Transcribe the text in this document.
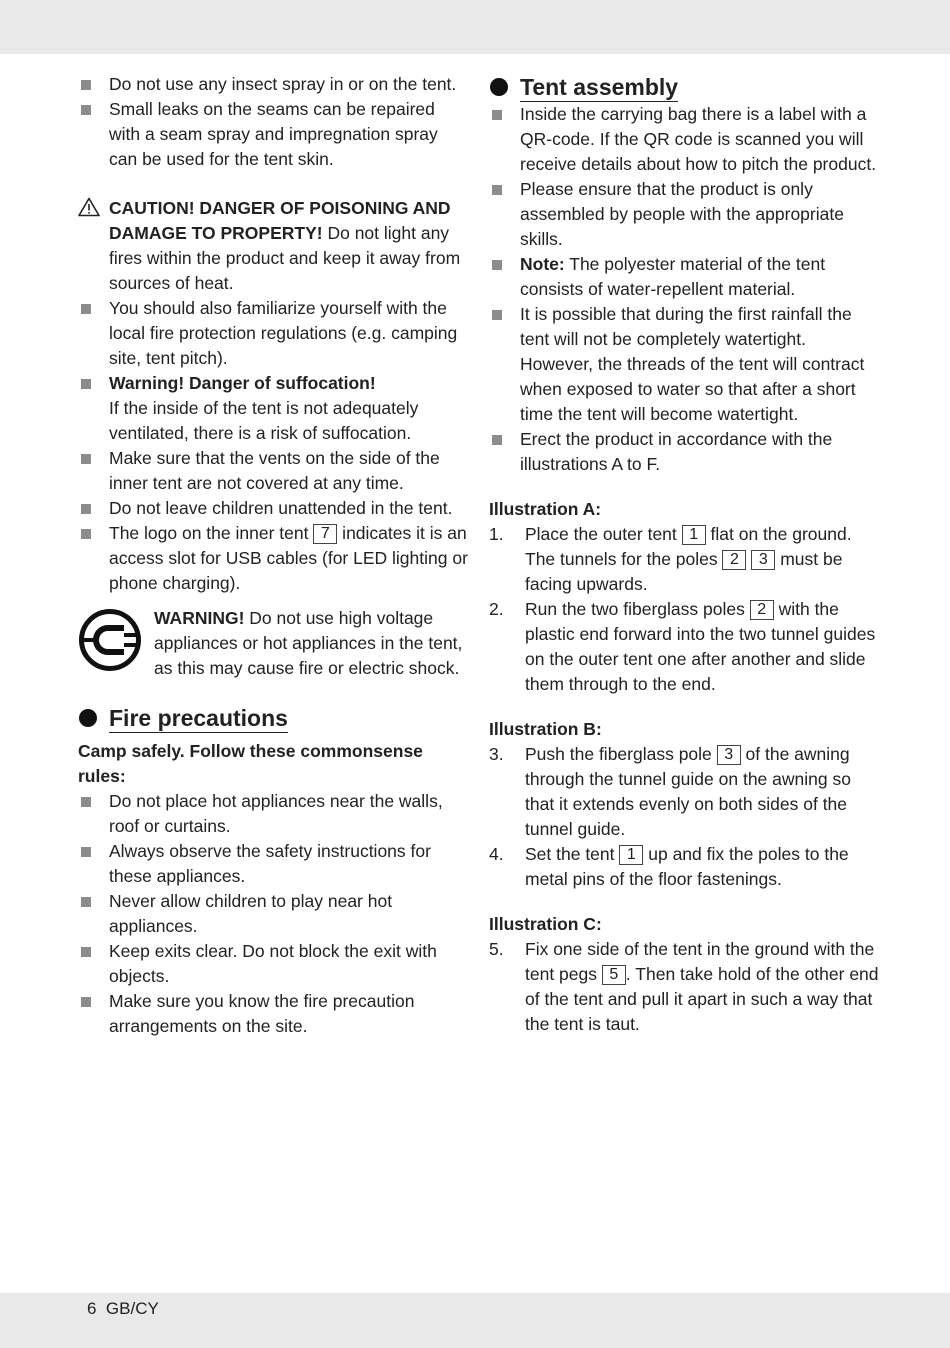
Do not use any insect spray in or on the tent.
Small leaks on the seams can be repaired with a seam spray and impregnation spray can be used for the tent skin.
CAUTION! DANGER OF POISONING AND DAMAGE TO PROPERTY! Do not light any fires within the product and keep it away from sources of heat.
You should also familiarize yourself with the local fire protection regulations (e.g. camping site, tent pitch).
Warning! Danger of suffocation!
If the inside of the tent is not adequately ventilated, there is a risk of suffocation.
Make sure that the vents on the side of the inner tent are not covered at any time.
Do not leave children unattended in the tent.
The logo on the inner tent 7 indicates it is an access slot for USB cables (for LED lighting or phone charging).
WARNING! Do not use high voltage appliances or hot appliances in the tent, as this may cause fire or electric shock.
Fire precautions
Camp safely. Follow these commonsense rules:
Do not place hot appliances near the walls, roof or curtains.
Always observe the safety instructions for these appliances.
Never allow children to play near hot appliances.
Keep exits clear. Do not block the exit with objects.
Make sure you know the fire precaution arrangements on the site.
Tent assembly
Inside the carrying bag there is a label with a QR-code. If the QR code is scanned you will receive details about how to pitch the product.
Please ensure that the product is only assembled by people with the appropriate skills.
Note: The polyester material of the tent consists of water-repellent material.
It is possible that during the first rainfall the tent will not be completely watertight. However, the threads of the tent will contract when exposed to water so that after a short time the tent will become watertight.
Erect the product in accordance with the illustrations A to F.
Illustration A:
1. Place the outer tent 1 flat on the ground. The tunnels for the poles 2 3 must be facing upwards.
2. Run the two fiberglass poles 2 with the plastic end forward into the two tunnel guides on the outer tent one after another and slide them through to the end.
Illustration B:
3. Push the fiberglass pole 3 of the awning through the tunnel guide on the awning so that it extends evenly on both sides of the tunnel guide.
4. Set the tent 1 up and fix the poles to the metal pins of the floor fastenings.
Illustration C:
5. Fix one side of the tent in the ground with the tent pegs 5 . Then take hold of the other end of the tent and pull it apart in such a way that the tent is taut.
6 GB/CY
